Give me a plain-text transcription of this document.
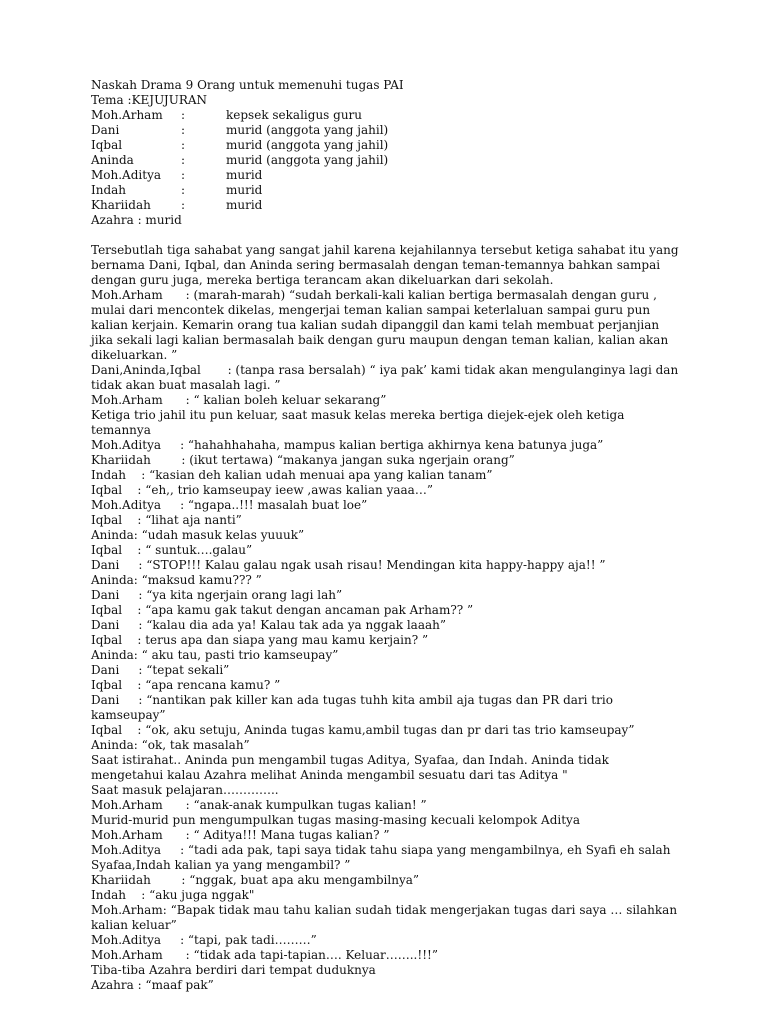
Naskah Drama 9 Orang untuk memenuhi tugas PAI
Tema :KEJUJURAN
Moh.Arham	:	kepsek sekaligus guru
Dani	:	murid (anggota yang jahil)
Iqbal	:	murid (anggota yang jahil)
Aninda	:	murid (anggota yang jahil)
Moh.Aditya	:	murid
Indah	:	murid
Khariidah	:	murid
Azahra : murid
Tersebutlah tiga sahabat yang sangat jahil karena kejahilannya tersebut ketiga sahabat itu yang
bernama Dani, Iqbal, dan Aninda sering bermasalah dengan teman-temannya bahkan sampai
dengan guru juga, mereka bertiga terancam akan dikeluarkan dari sekolah.
Moh.Arham      : (marah-marah) “sudah berkali-kali kalian bertiga bermasalah dengan guru ,
mulai dari mencontek dikelas, mengerjai teman kalian sampai keterlaluan sampai guru pun
kalian kerjain. Kemarin orang tua kalian sudah dipanggil dan kami telah membuat perjanjian
jika sekali lagi kalian bermasalah baik dengan guru maupun dengan teman kalian, kalian akan
dikeluarkan. ”
Dani,Aninda,Iqbal       : (tanpa rasa bersalah) “ iya pak’ kami tidak akan mengulanginya lagi dan
tidak akan buat masalah lagi. ”
Moh.Arham      : “ kalian boleh keluar sekarang”
Ketiga trio jahil itu pun keluar, saat masuk kelas mereka bertiga diejek-ejek oleh ketiga
temannya
Moh.Aditya     : “hahahhahaha, mampus kalian bertiga akhirnya kena batunya juga”
Khariidah        : (ikut tertawa) “makanya jangan suka ngerjain orang”
Indah    : “kasian deh kalian udah menuai apa yang kalian tanam”
Iqbal    : “eh,, trio kamseupay ieew ,awas kalian yaaa…”
Moh.Aditya     : “ngapa..!!! masalah buat loe”
Iqbal    : “lihat aja nanti”
Aninda: “udah masuk kelas yuuuk”
Iqbal    : “ suntuk….galau”
Dani     : “STOP!!! Kalau galau ngak usah risau! Mendingan kita happy-happy aja!! ”
Aninda: “maksud kamu??? ”
Dani     : “ya kita ngerjain orang lagi lah”
Iqbal    : “apa kamu gak takut dengan ancaman pak Arham?? ”
Dani     : “kalau dia ada ya! Kalau tak ada ya nggak laaah”
Iqbal    : terus apa dan siapa yang mau kamu kerjain? ”
Aninda: “ aku tau, pasti trio kamseupay”
Dani     : “tepat sekali”
Iqbal    : “apa rencana kamu? ”
Dani     : “nantikan pak killer kan ada tugas tuhh kita ambil aja tugas dan PR dari trio
kamseupay”
Iqbal    : “ok, aku setuju, Aninda tugas kamu,ambil tugas dan pr dari tas trio kamseupay”
Aninda: “ok, tak masalah”
Saat istirahat.. Aninda pun mengambil tugas Aditya, Syafaa, dan Indah. Aninda tidak
mengetahui kalau Azahra melihat Aninda mengambil sesuatu dari tas Aditya "
Saat masuk pelajaran…………..
Moh.Arham      : “anak-anak kumpulkan tugas kalian! ”
Murid-murid pun mengumpulkan tugas masing-masing kecuali kelompok Aditya
Moh.Arham      : “ Aditya!!! Mana tugas kalian? ”
Moh.Aditya     : “tadi ada pak, tapi saya tidak tahu siapa yang mengambilnya, eh Syafi eh salah
Syafaa,Indah kalian ya yang mengambil? ”
Khariidah        : “nggak, buat apa aku mengambilnya”
Indah    : “aku juga nggak"
Moh.Arham: “Bapak tidak mau tahu kalian sudah tidak mengerjakan tugas dari saya … silahkan
kalian keluar”
Moh.Aditya     : “tapi, pak tadi………”
Moh.Arham      : “tidak ada tapi-tapian…. Keluar……..!!!”
Tiba-tiba Azahra berdiri dari tempat duduknya
Azahra : “maaf pak”
